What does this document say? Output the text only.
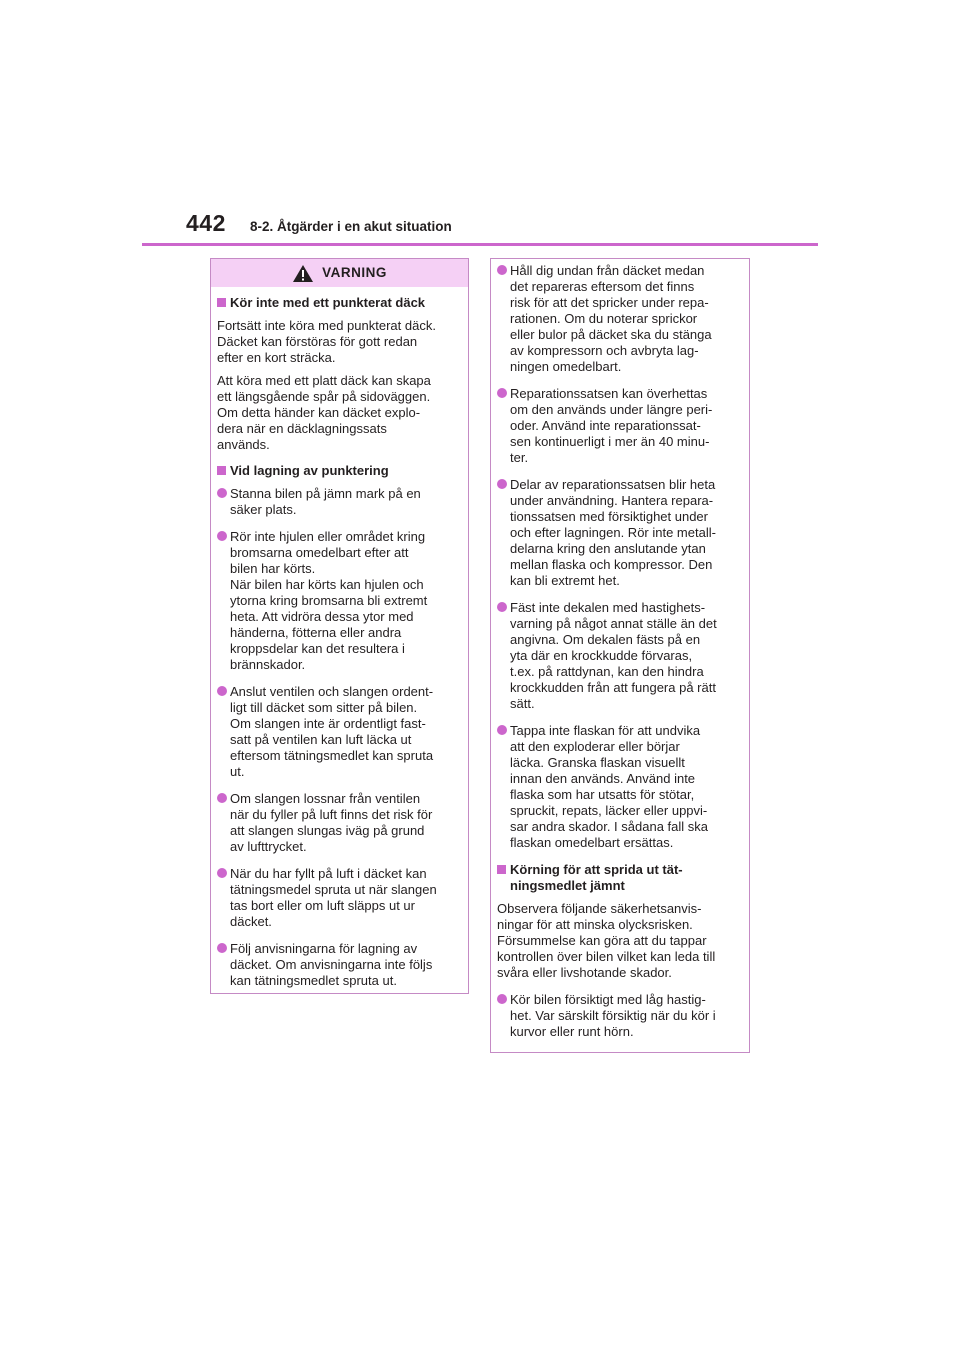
442 8-2. Åtgärder i en akut situation
VARNING
Kör inte med ett punkterat däck
Fortsätt inte köra med punkterat däck.
Däcket kan förstöras för gott redan
efter en kort sträcka.
Att köra med ett platt däck kan skapa
ett längsgående spår på sidoväggen.
Om detta händer kan däcket explo-
dera när en däcklagningssats
används.
Vid lagning av punktering
Stanna bilen på jämn mark på en
säker plats.
Rör inte hjulen eller området kring
bromsarna omedelbart efter att
bilen har körts.
När bilen har körts kan hjulen och
ytorna kring bromsarna bli extremt
heta. Att vidröra dessa ytor med
händerna, fötterna eller andra
kroppsdelar kan det resultera i
brännskador.
Anslut ventilen och slangen ordent-
ligt till däcket som sitter på bilen.
Om slangen inte är ordentligt fast-
satt på ventilen kan luft läcka ut
eftersom tätningsmedlet kan spruta
ut.
Om slangen lossnar från ventilen
när du fyller på luft finns det risk för
att slangen slungas iväg på grund
av lufttrycket.
När du har fyllt på luft i däcket kan
tätningsmedel spruta ut när slangen
tas bort eller om luft släpps ut ur
däcket.
Följ anvisningarna för lagning av
däcket. Om anvisningarna inte följs
kan tätningsmedlet spruta ut.
Håll dig undan från däcket medan
det repareras eftersom det finns
risk för att det spricker under repa-
rationen. Om du noterar sprickor
eller bulor på däcket ska du stänga
av kompressorn och avbryta lag-
ningen omedelbart.
Reparationssatsen kan överhettas
om den används under längre peri-
oder. Använd inte reparationssat-
sen kontinuerligt i mer än 40 minu-
ter.
Delar av reparationssatsen blir heta
under användning. Hantera repara-
tionssatsen med försiktighet under
och efter lagningen. Rör inte metall-
delarna kring den anslutande ytan
mellan flaska och kompressor. Den
kan bli extremt het.
Fäst inte dekalen med hastighets-
varning på något annat ställe än det
angivna. Om dekalen fästs på en
yta där en krockkudde förvaras,
t.ex. på rattdynan, kan den hindra
krockkudden från att fungera på rätt
sätt.
Tappa inte flaskan för att undvika
att den exploderar eller börjar
läcka. Granska flaskan visuellt
innan den används. Använd inte
flaska som har utsatts för stötar,
spruckit, repats, läcker eller uppvi-
sar andra skador. I sådana fall ska
flaskan omedelbart ersättas.
Körning för att sprida ut tät-
ningsmedlet jämnt
Observera följande säkerhetsanvis-
ningar för att minska olycksrisken.
Försummelse kan göra att du tappar
kontrollen över bilen vilket kan leda till
svåra eller livshotande skador.
Kör bilen försiktigt med låg hastig-
het. Var särskilt försiktig när du kör i
kurvor eller runt hörn.
